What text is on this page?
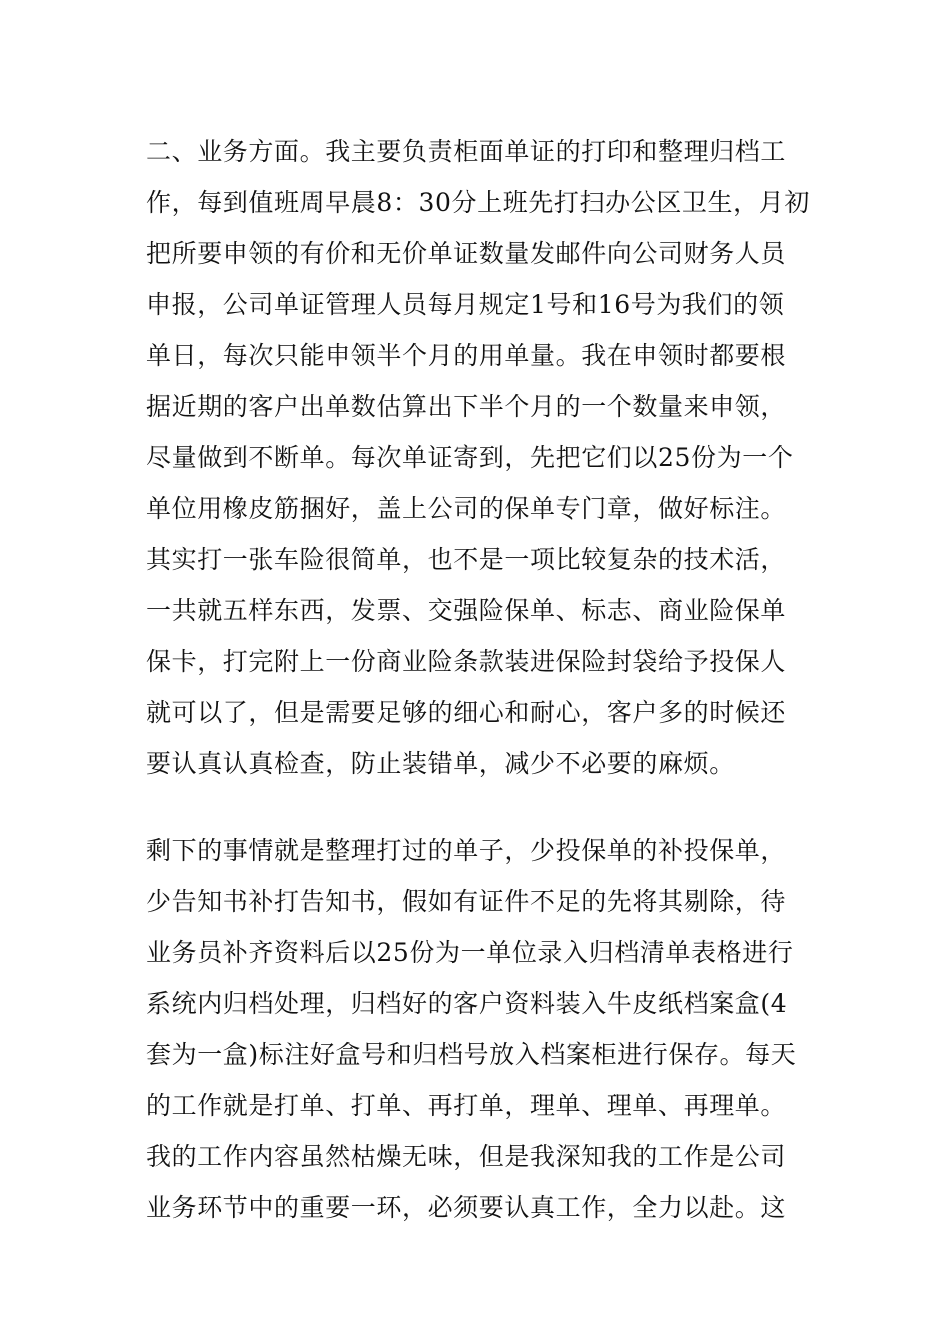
二、业务方面。我主要负责柜面单证的打印和整理归档工
作，每到值班周早晨8：30分上班先打扫办公区卫生，月初
把所要申领的有价和无价单证数量发邮件向公司财务人员
申报，公司单证管理人员每月规定1号和16号为我们的领
单日，每次只能申领半个月的用单量。我在申领时都要根
据近期的客户出单数估算出下半个月的一个数量来申领，
尽量做到不断单。每次单证寄到，先把它们以25份为一个
单位用橡皮筋捆好，盖上公司的保单专门章，做好标注。
其实打一张车险很简单，也不是一项比较复杂的技术活，
一共就五样东西，发票、交强险保单、标志、商业险保单
保卡，打完附上一份商业险条款装进保险封袋给予投保人
就可以了，但是需要足够的细心和耐心，客户多的时候还
要认真认真检查，防止装错单，减少不必要的麻烦。
剩下的事情就是整理打过的单子，少投保单的补投保单，
少告知书补打告知书，假如有证件不足的先将其剔除，待
业务员补齐资料后以25份为一单位录入归档清单表格进行
系统内归档处理，归档好的客户资料装入牛皮纸档案盒(4
套为一盒)标注好盒号和归档号放入档案柜进行保存。每天
的工作就是打单、打单、再打单，理单、理单、再理单。
我的工作内容虽然枯燥无味，但是我深知我的工作是公司
业务环节中的重要一环，必须要认真工作，全力以赴。这
